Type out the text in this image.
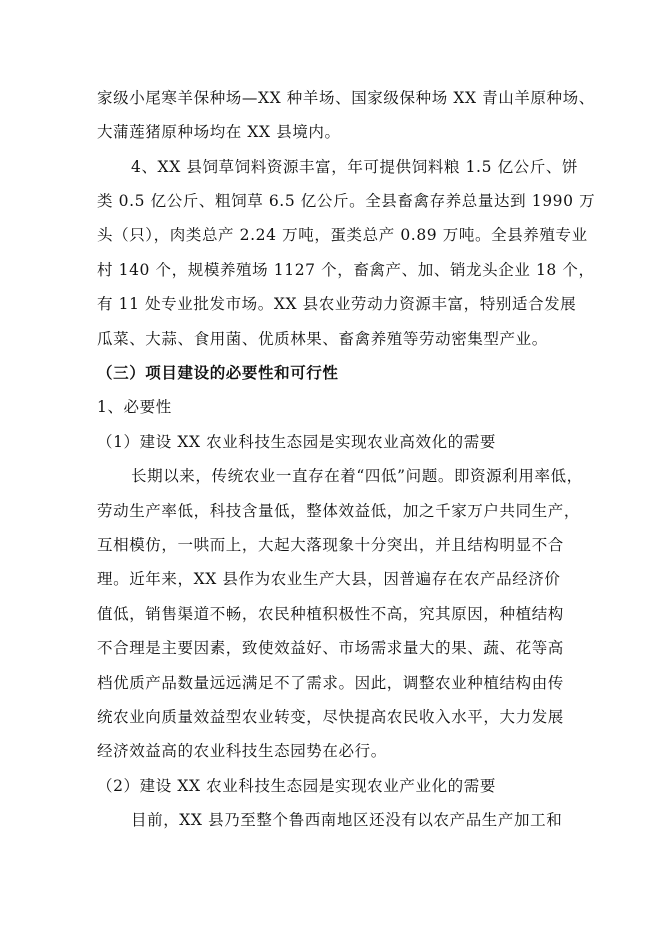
家级小尾寒羊保种场—XX 种羊场、国家级保种场 XX 青山羊原种场、
大蒲莲猪原种场均在 XX 县境内。
4、XX 县饲草饲料资源丰富，年可提供饲料粮 1.5 亿公斤、饼
类 0.5 亿公斤、粗饲草 6.5 亿公斤。全县畜禽存养总量达到 1990 万
头（只），肉类总产 2.24 万吨，蛋类总产 0.89 万吨。全县养殖专业
村 140 个，规模养殖场 1127 个，畜禽产、加、销龙头企业 18 个，
有 11 处专业批发市场。XX 县农业劳动力资源丰富，特别适合发展
瓜菜、大蒜、食用菌、优质林果、畜禽养殖等劳动密集型产业。
（三）项目建设的必要性和可行性
1、必要性
（1）建设 XX 农业科技生态园是实现农业高效化的需要
长期以来，传统农业一直存在着“四低”问题。即资源利用率低，
劳动生产率低，科技含量低，整体效益低，加之千家万户共同生产，
互相模仿，一哄而上，大起大落现象十分突出，并且结构明显不合
理。近年来，XX 县作为农业生产大县，因普遍存在农产品经济价
值低，销售渠道不畅，农民种植积极性不高，究其原因，种植结构
不合理是主要因素，致使效益好、市场需求量大的果、蔬、花等高
档优质产品数量远远满足不了需求。因此，调整农业种植结构由传
统农业向质量效益型农业转变，尽快提高农民收入水平，大力发展
经济效益高的农业科技生态园势在必行。
（2）建设 XX 农业科技生态园是实现农业产业化的需要
目前，XX 县乃至整个鲁西南地区还没有以农产品生产加工和
